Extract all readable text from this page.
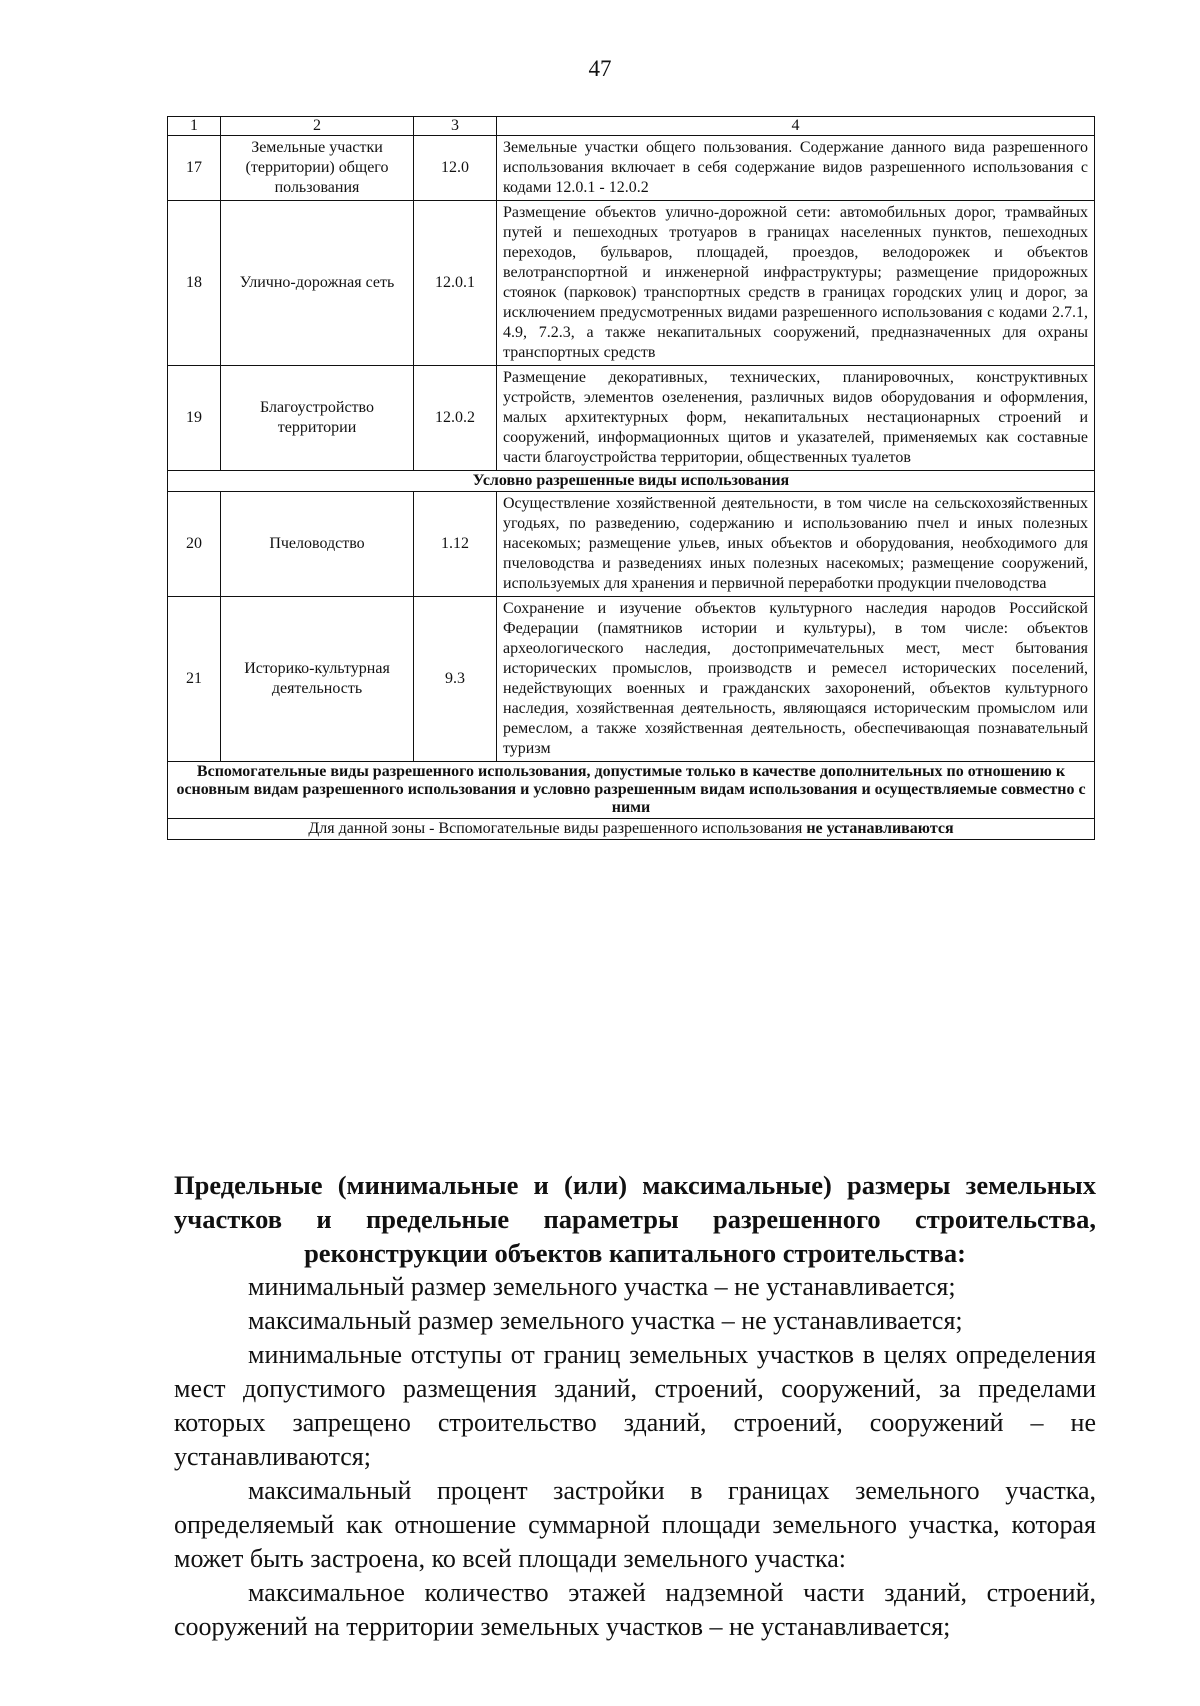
47
1	2	3	4
17	Земельные участки (территории) общего пользования	12.0	Земельные участки общего пользования. Содержание данного вида разрешенного использования включает в себя содержание видов разрешенного использования с кодами 12.0.1 - 12.0.2
18	Улично-дорожная сеть	12.0.1	Размещение объектов улично-дорожной сети: автомобильных дорог, трамвайных путей и пешеходных тротуаров в границах населенных пунктов, пешеходных переходов, бульваров, площадей, проездов, велодорожек и объектов велотранспортной и инженерной инфраструктуры; размещение придорожных стоянок (парковок) транспортных средств в границах городских улиц и дорог, за исключением предусмотренных видами разрешенного использования с кодами 2.7.1, 4.9, 7.2.3, а также некапитальных сооружений, предназначенных для охраны транспортных средств
19	Благоустройство территории	12.0.2	Размещение декоративных, технических, планировочных, конструктивных устройств, элементов озеленения, различных видов оборудования и оформления, малых архитектурных форм, некапитальных нестационарных строений и сооружений, информационных щитов и указателей, применяемых как составные части благоустройства территории, общественных туалетов
Условно разрешенные виды использования			
20	Пчеловодство	1.12	Осуществление хозяйственной деятельности, в том числе на сельскохозяйственных угодьях, по разведению, содержанию и использованию пчел и иных полезных насекомых; размещение ульев, иных объектов и оборудования, необходимого для пчеловодства и разведениях иных полезных насекомых; размещение сооружений, используемых для хранения и первичной переработки продукции пчеловодства
21	Историко-культурная деятельность	9.3	Сохранение и изучение объектов культурного наследия народов Российской Федерации (памятников истории и культуры), в том числе: объектов археологического наследия, достопримечательных мест, мест бытования исторических промыслов, производств и ремесел исторических поселений, недействующих военных и гражданских захоронений, объектов культурного наследия, хозяйственная деятельность, являющаяся историческим промыслом или ремеслом, а также хозяйственная деятельность, обеспечивающая познавательный туризм
Вспомогательные виды разрешенного использования, допустимые только в качестве дополнительных по отношению к основным видам разрешенного использования и условно разрешенным видам использования и осуществляемые совместно с ними			
Для данной зоны - Вспомогательные виды разрешенного использования не устанавливаются			

Предельные (минимальные и (или) максимальные) размеры земельных участков и предельные параметры разрешенного строительства, реконструкции объектов капитального строительства:

минимальный размер земельного участка – не устанавливается;

максимальный размер земельного участка – не устанавливается;

минимальные отступы от границ земельных участков в целях определения мест допустимого размещения зданий, строений, сооружений, за пределами которых запрещено строительство зданий, строений, сооружений – не устанавливаются;

максимальный процент застройки в границах земельного участка, определяемый как отношение суммарной площади земельного участка, которая может быть застроена, ко всей площади земельного участка:

максимальное количество этажей надземной части зданий, строений, сооружений на территории земельных участков – не устанавливается;
